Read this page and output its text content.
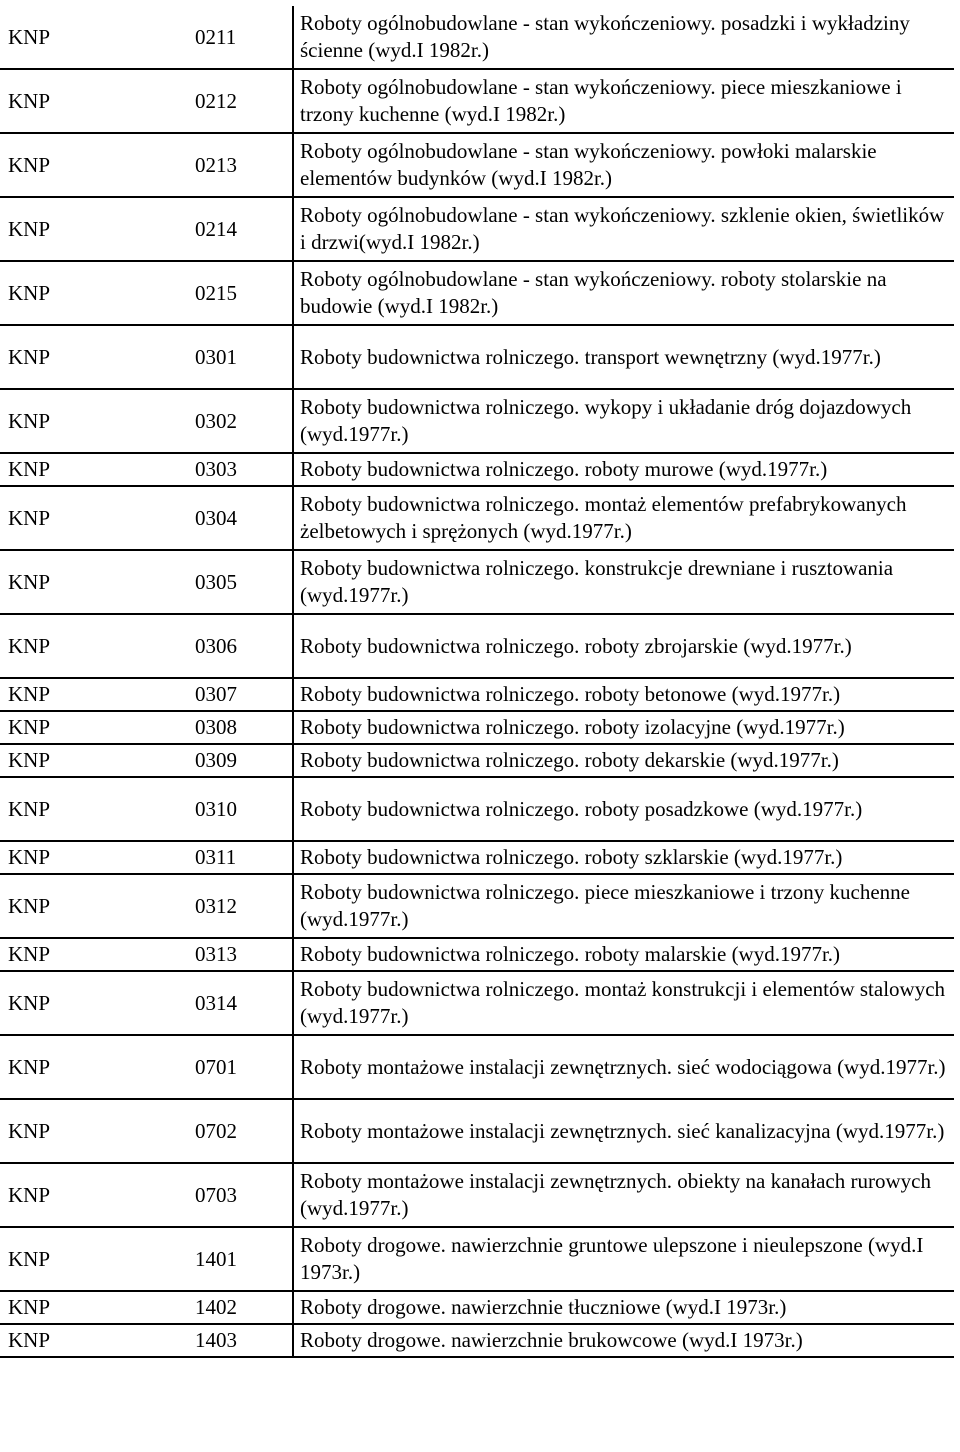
KNP	0211	Roboty ogólnobudowlane - stan wykończeniowy. posadzki i wykładziny ścienne (wyd.I 1982r.)
KNP	0212	Roboty ogólnobudowlane - stan wykończeniowy. piece mieszkaniowe i trzony kuchenne (wyd.I 1982r.)
KNP	0213	Roboty ogólnobudowlane - stan wykończeniowy. powłoki malarskie elementów budynków (wyd.I 1982r.)
KNP	0214	Roboty ogólnobudowlane - stan wykończeniowy. szklenie okien, świetlików i drzwi(wyd.I 1982r.)
KNP	0215	Roboty ogólnobudowlane - stan wykończeniowy. roboty stolarskie na budowie (wyd.I 1982r.)
KNP	0301	Roboty budownictwa rolniczego. transport wewnętrzny (wyd.1977r.)
KNP	0302	Roboty budownictwa rolniczego. wykopy i układanie dróg dojazdowych (wyd.1977r.)
KNP	0303	Roboty budownictwa rolniczego. roboty murowe (wyd.1977r.)
KNP	0304	Roboty budownictwa rolniczego. montaż elementów prefabrykowanych żelbetowych i sprężonych (wyd.1977r.)
KNP	0305	Roboty budownictwa rolniczego. konstrukcje drewniane i rusztowania (wyd.1977r.)
KNP	0306	Roboty budownictwa rolniczego. roboty zbrojarskie (wyd.1977r.)
KNP	0307	Roboty budownictwa rolniczego. roboty betonowe (wyd.1977r.)
KNP	0308	Roboty budownictwa rolniczego. roboty izolacyjne (wyd.1977r.)
KNP	0309	Roboty budownictwa rolniczego. roboty dekarskie (wyd.1977r.)
KNP	0310	Roboty budownictwa rolniczego. roboty posadzkowe (wyd.1977r.)
KNP	0311	Roboty budownictwa rolniczego. roboty szklarskie (wyd.1977r.)
KNP	0312	Roboty budownictwa rolniczego. piece mieszkaniowe i trzony kuchenne (wyd.1977r.)
KNP	0313	Roboty budownictwa rolniczego. roboty malarskie (wyd.1977r.)
KNP	0314	Roboty budownictwa rolniczego. montaż konstrukcji i elementów stalowych (wyd.1977r.)
KNP	0701	Roboty montażowe instalacji zewnętrznych. sieć wodociągowa (wyd.1977r.)
KNP	0702	Roboty montażowe instalacji zewnętrznych. sieć kanalizacyjna (wyd.1977r.)
KNP	0703	Roboty montażowe instalacji zewnętrznych. obiekty na kanałach rurowych (wyd.1977r.)
KNP	1401	Roboty drogowe. nawierzchnie gruntowe ulepszone i nieulepszone (wyd.I 1973r.)
KNP	1402	Roboty drogowe. nawierzchnie tłuczniowe (wyd.I 1973r.)
KNP	1403	Roboty drogowe. nawierzchnie brukowcowe (wyd.I 1973r.)
